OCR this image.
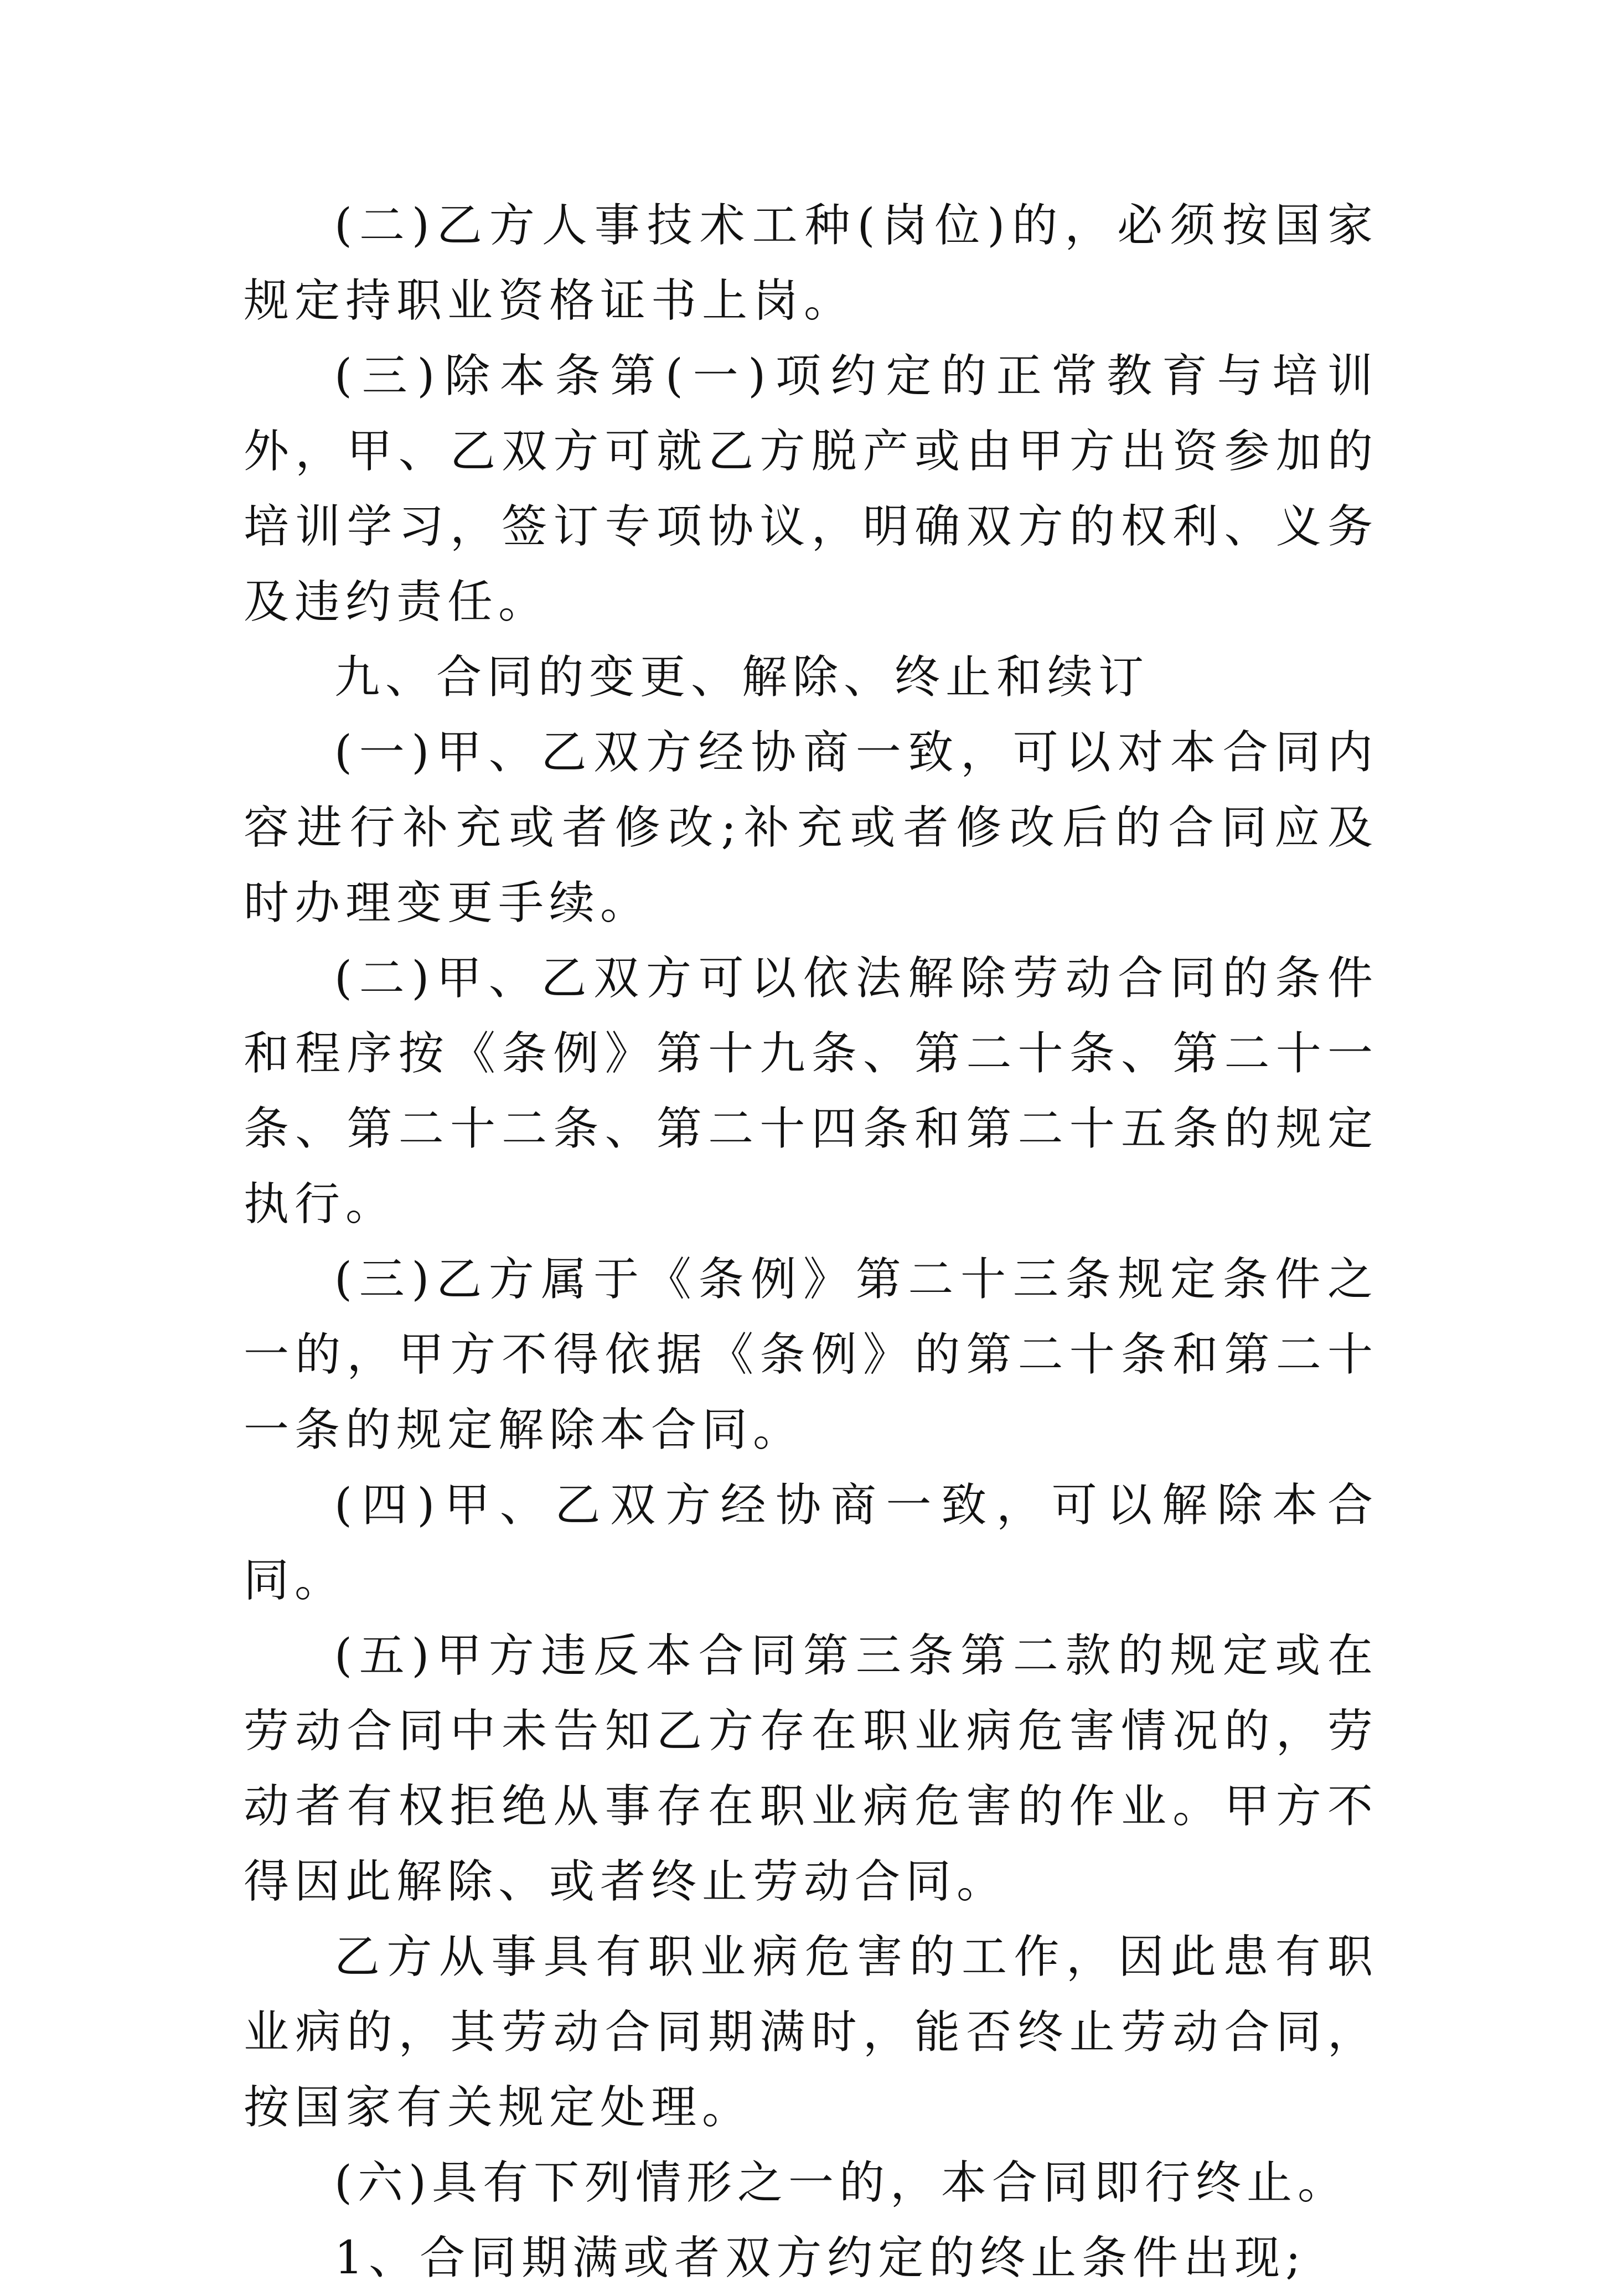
(二)乙方人事技术工种(岗位)的，必须按国家规定持职业资格证书上岗。

(三)除本条第(一)项约定的正常教育与培训外，甲、乙双方可就乙方脱产或由甲方出资参加的培训学习，签订专项协议，明确双方的权利、义务及违约责任。

九、合同的变更、解除、终止和续订

(一)甲、乙双方经协商一致，可以对本合同内容进行补充或者修改;补充或者修改后的合同应及时办理变更手续。

(二)甲、乙双方可以依法解除劳动合同的条件和程序按《条例》第十九条、第二十条、第二十一条、第二十二条、第二十四条和第二十五条的规定执行。

(三)乙方属于《条例》第二十三条规定条件之一的，甲方不得依据《条例》的第二十条和第二十一条的规定解除本合同。

(四)甲、乙双方经协商一致，可以解除本合同。

(五)甲方违反本合同第三条第二款的规定或在劳动合同中未告知乙方存在职业病危害情况的，劳动者有权拒绝从事存在职业病危害的作业。甲方不得因此解除、或者终止劳动合同。

乙方从事具有职业病危害的工作，因此患有职业病的，其劳动合同期满时，能否终止劳动合同，按国家有关规定处理。

(六)具有下列情形之一的，本合同即行终止。

1、合同期满或者双方约定的终止条件出现;
